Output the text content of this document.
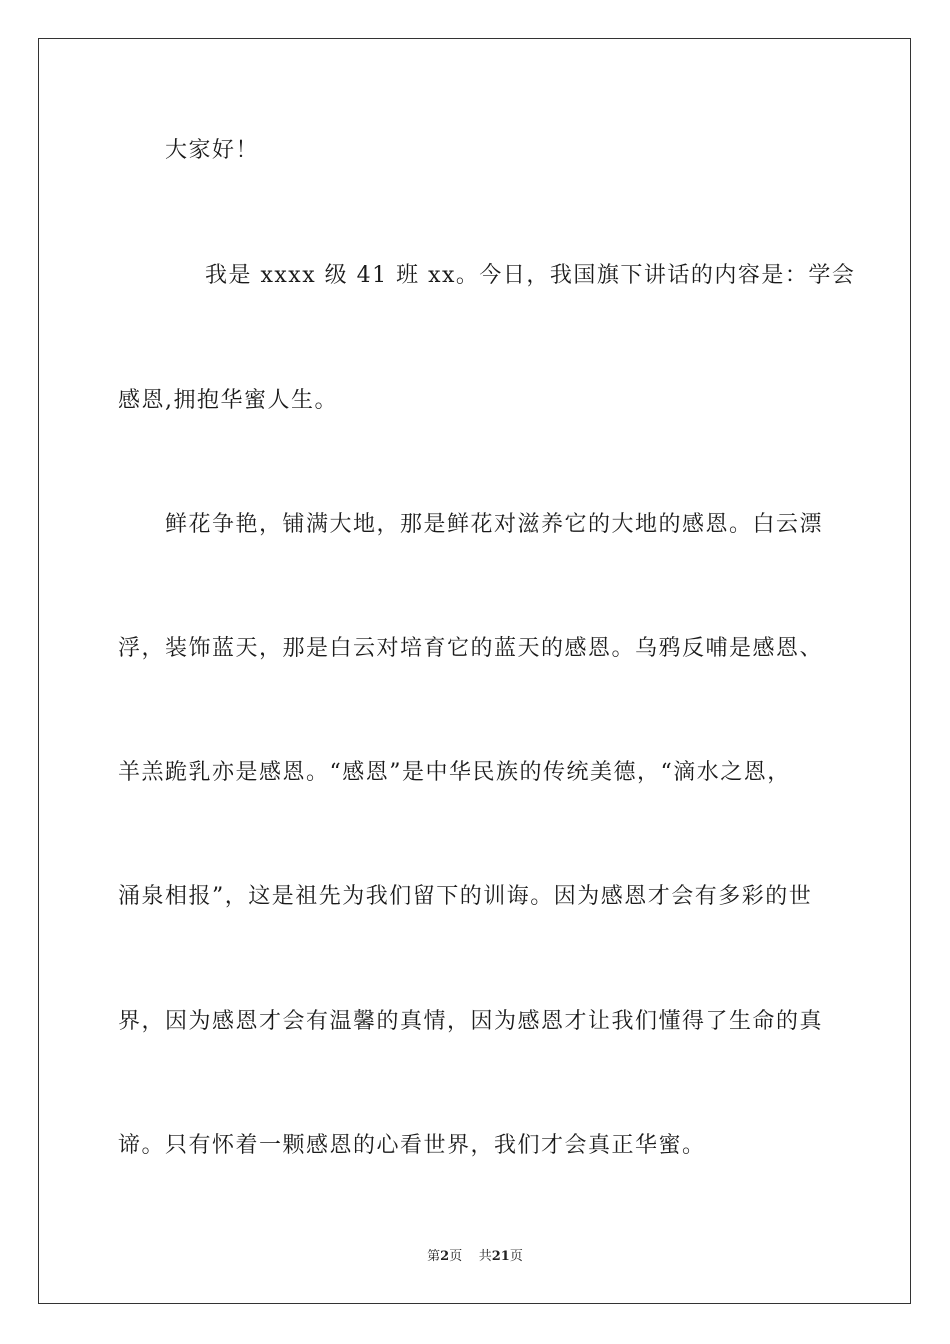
大家好！
我是 xxxx 级 41 班 xx。今日，我国旗下讲话的内容是：学会
感恩,拥抱华蜜人生。
鲜花争艳，铺满大地，那是鲜花对滋养它的大地的感恩。白云漂
浮，装饰蓝天，那是白云对培育它的蓝天的感恩。乌鸦反哺是感恩、
羊羔跪乳亦是感恩。“感恩”是中华民族的传统美德，“滴水之恩，
涌泉相报”，这是祖先为我们留下的训诲。因为感恩才会有多彩的世
界，因为感恩才会有温馨的真情，因为感恩才让我们懂得了生命的真
谛。只有怀着一颗感恩的心看世界，我们才会真正华蜜。
第2页 共21页
